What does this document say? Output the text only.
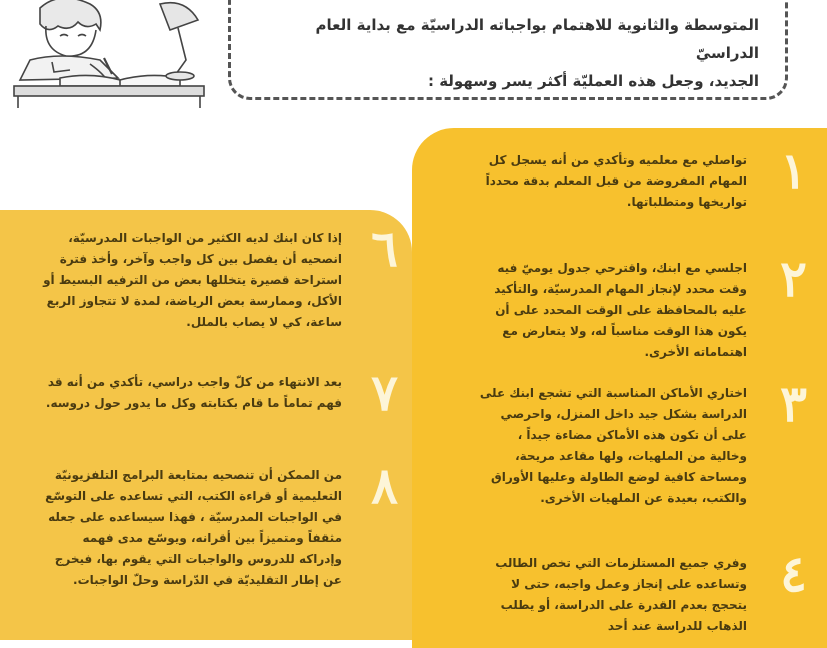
المتوسطة والثانوية للاهتمام بواجباته الدراسيّة مع بداية العام الدراسيّ
الجديد، وجعل هذه العمليّة أكثر يسر وسهولة :
١
تواصلي مع معلميه وتأكدي من أنه يسجل كل المهام المفروضة من قبل المعلم بدقة محدداً تواريخها ومتطلباتها.
٢
اجلسي مع ابنك، واقترحي جدول يوميّ فيه وقت محدد لإنجاز المهام المدرسيّة، والتأكيد عليه بالمحافظة على الوقت المحدد على أن يكون هذا الوقت مناسباً له، ولا يتعارض مع اهتماماته الأخرى.
٣
اختاري الأماكن المناسبة التي تشجع ابنك على الدراسة بشكل جيد داخل المنزل، واحرصي على أن تكون هذه الأماكن مضاءة جيداً ، وخالية من الملهيات، ولها مقاعد مريحة، ومساحة كافية لوضع الطاولة وعليها الأوراق والكتب، بعيدة عن الملهيات الأخرى.
٤
وفري جميع المستلزمات التي تخص الطالب وتساعده على إنجاز وعمل واجبه، حتى لا يتحجج بعدم القدرة على الدراسة، أو يطلب الذهاب للدراسة عند أحد
٦
إذا كان ابنك لديه الكثير من الواجبات المدرسيّة، انصحيه أن يفصل بين كل واجب وآخر، وأخذ فترة استراحة قصيرة يتخللها بعض من الترفيه البسيط أو الأكل، وممارسة بعض الرياضة، لمدة لا تتجاوز الربع ساعة، كي لا يصاب بالملل.
٧
بعد الانتهاء من كلّ واجب دراسي، تأكدي من أنه قد فهم تماماً ما قام بكتابته وكل ما يدور حول دروسه.
٨
من الممكن أن تنصحيه بمتابعة البرامج التلفزيونيّة التعليمية أو قراءة الكتب، التي تساعده على التوسّع في الواجبات المدرسيّة ، فهذا سيساعده على جعله مثقفاً ومتميزاً بين أقرانه، ويوسّع مدى فهمه وإدراكه للدروس والواجبات التي يقوم بها، فيخرج عن إطار التقليديّة في الدّراسة وحلّ الواجبات.
